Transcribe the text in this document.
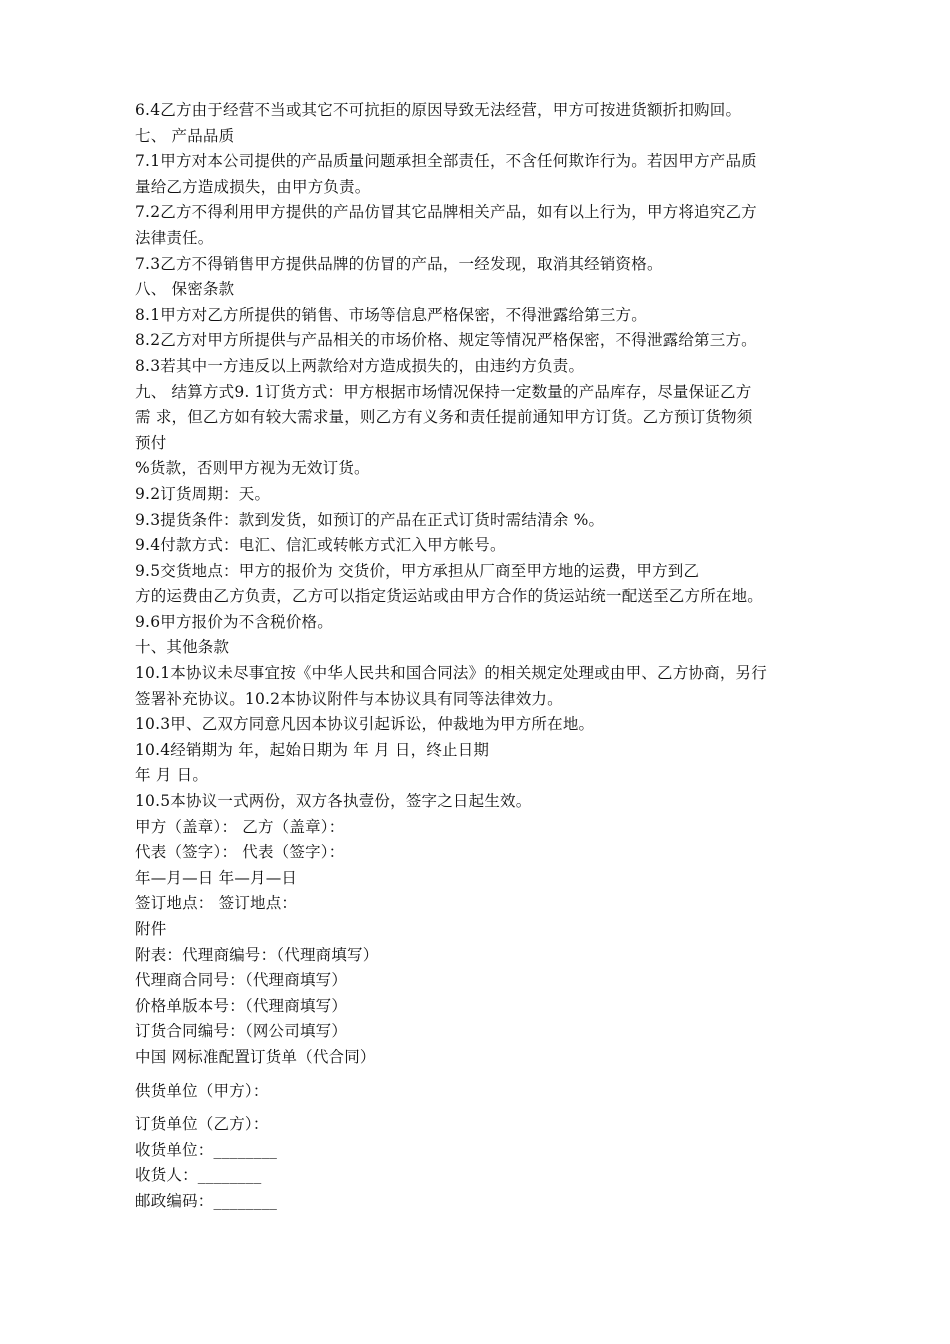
6.4乙方由于经营不当或其它不可抗拒的原因导致无法经营，甲方可按进货额折扣购回。
七、 产品品质
7.1甲方对本公司提供的产品质量问题承担全部责任，不含任何欺诈行为。若因甲方产品质
量给乙方造成损失，由甲方负责。
7.2乙方不得利用甲方提供的产品仿冒其它品牌相关产品，如有以上行为，甲方将追究乙方
法律责任。
7.3乙方不得销售甲方提供品牌的仿冒的产品，一经发现，取消其经销资格。
八、 保密条款
8.1甲方对乙方所提供的销售、市场等信息严格保密，不得泄露给第三方。
8.2乙方对甲方所提供与产品相关的市场价格、规定等情况严格保密，不得泄露给第三方。
8.3若其中一方违反以上两款给对方造成损失的，由违约方负责。
九、 结算方式9. 1订货方式：甲方根据市场情况保持一定数量的产品库存，尽量保证乙方
需 求，但乙方如有较大需求量，则乙方有义务和责任提前通知甲方订货。乙方预订货物须
预付
%货款，否则甲方视为无效订货。
9.2订货周期：天。
9.3提货条件：款到发货，如预订的产品在正式订货时需结清余 %。
9.4付款方式：电汇、信汇或转帐方式汇入甲方帐号。
9.5交货地点：甲方的报价为 交货价，甲方承担从厂商至甲方地的运费，甲方到乙
方的运费由乙方负责，乙方可以指定货运站或由甲方合作的货运站统一配送至乙方所在地。
9.6甲方报价为不含税价格。
十、其他条款
10.1本协议未尽事宜按《中华人民共和国合同法》的相关规定处理或由甲、乙方协商，另行
签署补充协议。10.2本协议附件与本协议具有同等法律效力。
10.3甲、乙双方同意凡因本协议引起诉讼，仲裁地为甲方所在地。
10.4经销期为 年，起始日期为 年 月 日，终止日期
年 月 日。
10.5本协议一式两份，双方各执壹份，签字之日起生效。
甲方（盖章）： 乙方（盖章）：
代表（签字）： 代表（签字）：
年—月—日 年—月—日
签订地点： 签订地点：
附件
附表：代理商编号：（代理商填写）
代理商合同号：（代理商填写）
价格单版本号：（代理商填写）
订货合同编号：（网公司填写）
中国 网标准配置订货单（代合同）
供货单位（甲方）：
订货单位（乙方）：
收货单位：________
收货人：________
邮政编码：________
